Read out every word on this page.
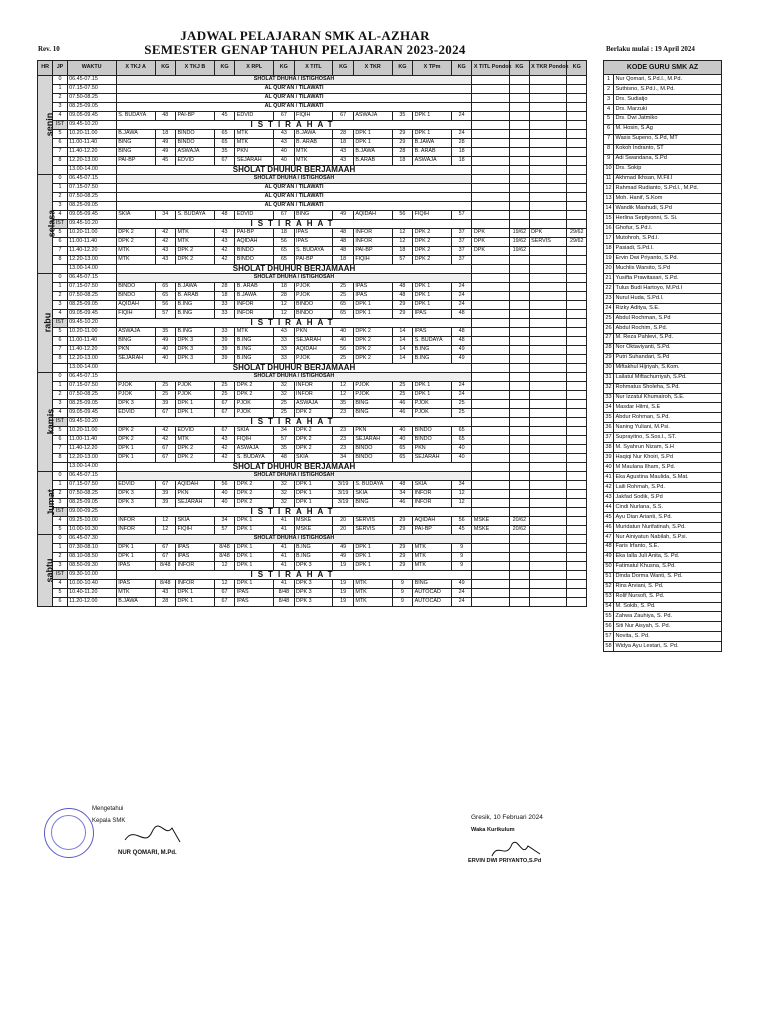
JADWAL PELAJARAN SMK AL-AZHAR
SEMESTER GENAP TAHUN PELAJARAN 2023-2024
Rev. 10	Berlaku mulai : 19 April 2024
HR	JP	WAKTU	X TKJ A	KG	X TKJ B	KG	X RPL	KG	X TITL	KG	X TKR	KG	X TPm	KG	X TITL Pondok	KG	X TKR Pondok	KG
senin	0	06.45-07.15	SHOLAT DHUHA / ISTIGHOSAH															
	1	07.15-07.50	AL QUR'AN / TILAWATI															
	2	07.50-08.25	AL QUR'AN / TILAWATI															
	3	08.25-09.05	AL QUR'AN / TILAWATI															
	4	09.05-09.45	S. BUDAYA	48	PAI-BP	45	EDVID	67	FIQIH	67	ASWAJA	35	DPK 1	24				
	IST	09.45-10.20	ISTIRAHAT															
	5	10.20-11.00	B.JAWA	18	BINDO	65	MTK	43	B.JAWA	28	DPK 1	29	DPK 1	24				
	6	11.00-11.40	BING	49	BINDO	65	MTK	43	B. ARAB	18	DPK 1	29	B.JAWA	28				
	7	11.40-12.20	BING	49	ASWAJA	35	PKN	40	MTK	43	B.JAWA	28	B. ARAB	18				
	8	12.20-13.00	PAI-BP	45	EDVID	67	SEJARAH	40	MTK	43	B.ARAB	18	ASWAJA	18				
		13.00-14.00	SHOLAT DHUHUR BERJAMAAH															
selasa	0	06.45-07.15	SHOLAT DHUHA / ISTIGHOSAH															
	1	07.15-07.50	AL QUR'AN / TILAWATI															
	2	07.50-08.25	AL QUR'AN / TILAWATI															
	3	08.25-09.05	AL QUR'AN / TILAWATI															
	4	09.05-09.45	SKIA	34	S. BUDAYA	48	EDVID	67	BING	49	AQIDAH	56	FIQIH	57				
	IST	09.45-10.20	ISTIRAHAT															
	5	10.20-11.00	DPK 2	42	MTK	43	PAI-BP	18	IPAS	48	INFOR	12	DPK 2	37	DPK	19/62	DPK	29/62
	6	11.00-11.40	DPK 2	42	MTK	43	AQIDAH	56	IPAS	48	INFOR	12	DPK 2	37	DPK	19/62	SERVIS	29/62
	7	11.40-12.20	MTK	43	DPK 2	42	BINDO	65	S. BUDAYA	48	PAI-BP	18	DPK 2	37	DPK	19/62		
	8	12.20-13.00	MTK	43	DPK 2	42	BINDO	65	PAI-BP	18	FIQIH	57	DPK 2	37				
		13.00-14.00	SHOLAT DHUHUR BERJAMAAH															
rabu	0	06.45-07.15	SHOLAT DHUHA / ISTIGHOSAH															
	1	07.15-07.50	BINDO	65	B.JAWA	28	B. ARAB	18	PJOK	25	IPAS	48	DPK 1	24				
	2	07.50-08.25	BINDO	65	B. ARAB	18	B.JAWA	28	PJOK	25	IPAS	48	DPK 1	24				
	3	08.25-09.05	AQIDAH	56	B.ING	33	INFOR	12	BINDO	65	DPK 1	29	DPK 1	24				
	4	09.05-09.45	FIQIH	57	B.ING	33	INFOR	12	BINDO	65	DPK 1	29	IPAS	48				
	IST	09.45-10.20	ISTIRAHAT															
	5	10.20-11.00	ASWAJA	35	B.ING	33	MTK	43	PKN	40	DPK 2	14	IPAS	48				
	6	11.00-11.40	BING	49	DPK 3	39	B.ING	33	SEJARAH	40	DPK 2	14	S. BUDAYA	48				
	7	11.40-12.20	PKN	40	DPK 3	39	B.ING	33	AQIDAH	56	DPK 2	14	B.ING	49				
	8	12.20-13.00	SEJARAH	40	DPK 3	39	B.ING	33	PJOK	25	DPK 2	14	B.ING	49				
		13.00-14.00	SHOLAT DHUHUR BERJAMAAH															
kamis	0	06.45-07.15	SHOLAT DHUHA / ISTIGHOSAH															
	1	07.15-07.50	PJOK	25	PJOK	25	DPK 2	32	INFOR	12	PJOK	25	DPK 1	24				
	2	07.50-08.25	PJOK	25	PJOK	25	DPK 2	32	INFOR	12	PJOK	25	DPK 1	24				
	3	08.25-09.05	DPK 3	39	DPK 1	67	PJOK	25	ASWAJA	35	BING	46	PJOK	25				
	4	09.05-09.45	EDVID	67	DPK 1	67	PJOK	25	DPK 2	23	BING	46	PJOK	25				
	IST	09.45-10.20	ISTIRAHAT															
	5	10.20-11.00	DPK 2	42	EDVID	67	SKIA	34	DPK 2	23	PKN	40	BINDO	65				
	6	11.00-11.40	DPK 2	42	MTK	43	FIQIH	57	DPK 2	23	SEJARAH	40	BINDO	65				
	7	11.40-12.20	DPK 1	67	DPK 2	42	ASWAJA	35	DPK 2	23	BINDO	65	PKN	40				
	8	12.20-13.00	DPK 1	67	DPK 2	42	S. BUDAYA	48	SKIA	34	BINDO	65	SEJARAH	40				
		13.00-14.00	SHOLAT DHUHUR BERJAMAAH															
Jumat	0	06.45-07.15	SHOLAT DHUHA / ISTIGHOSAH															
	1	07.15-07.50	EDVID	67	AQIDAH	56	DPK 2	32	DPK 1	3/19	S. BUDAYA	48	SKIA	34				
	2	07.50-08.25	DPK 3	39	PKN	40	DPK 2	32	DPK 1	3/19	SKIA	34	INFOR	12				
	3	08.25-09.05	DPK 3	39	SEJARAH	40	DPK 2	32	DPK 1	3/19	BING	46	INFOR	12				
	IST	09.00-09.25	ISTIRAHAT															
	4	09.25-10.00	INFOR	12	SKIA	34	DPK 1	41	MSKE	20	SERVIS	29	AQIDAH	56	MSKE	20/62		
	5	10.00-10.30	INFOR	12	FIQIH	57	DPK 1	41	MSKE	20	SERVIS	29	PAI-BP	45	MSKE	20/62		
sabtu	0	06.45-07.30	SHOLAT DHUHA / ISTIGHOSAH															
	1	07.30-08.10	DPK 1	67	IPAS	8/48	DPK 1	41	B.ING	49	DPK 1	29	MTK	9				
	2	08.10-08.50	DPK 1	67	IPAS	8/48	DPK 1	41	B.ING	49	DPK 1	29	MTK	9				
	3	08.50-09.30	IPAS	8/48	INFOR	12	DPK 1	41	DPK 3	19	DPK 1	29	MTK	9				
	IST	09.30-10.00	ISTIRAHAT															
	4	10.00-10.40	IPAS	8/48	INFOR	12	DPK 1	41	DPK 3	19	MTK	9	BING	49				
	5	10.40-11.20	MTK	43	DPK 1	67	IPAS	8/48	DPK 3	19	MTK	9	AUTOCAD	24				
	6	11.20-12.00	B.JAWA	28	DPK 1	67	IPAS	8/48	DPK 3	19	MTK	9	AUTOCAD	24				
KODE GURU SMK AZ	
1	Nur Qomari, S.Pd.I., M.Pd.
2	Suthisno, S.Pd.I., M.Pd.
3	Drs. Sudiatjo
4	Drs. Marzuki
5	Drs. Dwi Jatmiko
6	M. Hosin, S.Ag
7	Wasis Supeno, S.Pd, MT
8	Kokoh Indranto, ST
9	Adi Swandana, S.Pd
10	Drs. Sokip
11	Akhmad Ikhsan, M.Fil.I
12	Rahmad Rudianto, S.Pd.I., M.Pd.
13	Moh. Hanif, S.Kom
14	Wandik Mashudi, S.Pd
15	Herlina Septiyonni, S. Si.
16	Ghofur, S.Pd.I.
17	Mutohroh, S.Pd.I.
18	Pasiadi, S.Pd.I.
19	Ervin Dwi Priyanto, S.Pd.
20	Muchlis Warsito, S.Pd
21	Yusifta Prawitasari, S.Pd.
22	Tulus Budi Hartoyo, M.Pd.I
23	Nurul Huda, S.Pd.I.
24	Rizky Aditya, S.E.
25	Abdul Rochman, S.Pd
26	Abdul Rochim, S.Pd.
27	M. Reza Pahlevi, S.Pd.
28	Nor Oktaviyanti, S.Pd.
29	Putri Suhandari, S.Pd
30	Miftakhul Hijriyah, S.Kom.
31	Lailatul Miftachurriyah, S.Pd.
32	Rohmatus Sholeha, S.Pd.
33	Nur Izzatul Khumairoh, S.E.
34	Masdar Hilmi, S.E
35	Abdur Rohman, S.Pd.
36	Naning Yuliani, M.Psi.
37	Suprayitno, S.Sos.I., ST.
38	M. Syahrun Nizam, S.H
39	Haqiqi Nur Khoiri, S.Pd
40	M Maulana Ilham, S.Pd.
41	Eka Agustina Maulida, S.Mat.
42	Laili Rohmah, S.Pd.
43	Jakfad Sodik, S.Pd
44	Cindi Nurlana, S.S.
45	Ayu Dian Arianti, S.Pd.
46	Muridatun Nurifatinah, S.Pd.
47	Nur Ainiyatun Nabilah, S.Psi.
48	Faris Irfanto, S.E.
49	Eka Ialla Juli Anita, S. Pd.
50	Fatimatul Khusna, S.Pd.
51	Dinda Dorma Wanti, S. Pd.
52	Rins Arviani, S. Pd.
53	Rolif Nursofi, S. Pd.
54	M. Sokib, S. Pd.
55	Zahwa Zauhiya, S. Pd.
56	Siti Nur Aisyah, S. Pd.
57	Novita, S. Pd.
58	Widya Ayu Lestari, S. Pd.
Mengetahui
Kepala SMK
NUR QOMARI, M.Pd.
Gresik, 10 Februari 2024
Waka Kurikulum
ERVIN DWI PRIYANTO,S.Pd
